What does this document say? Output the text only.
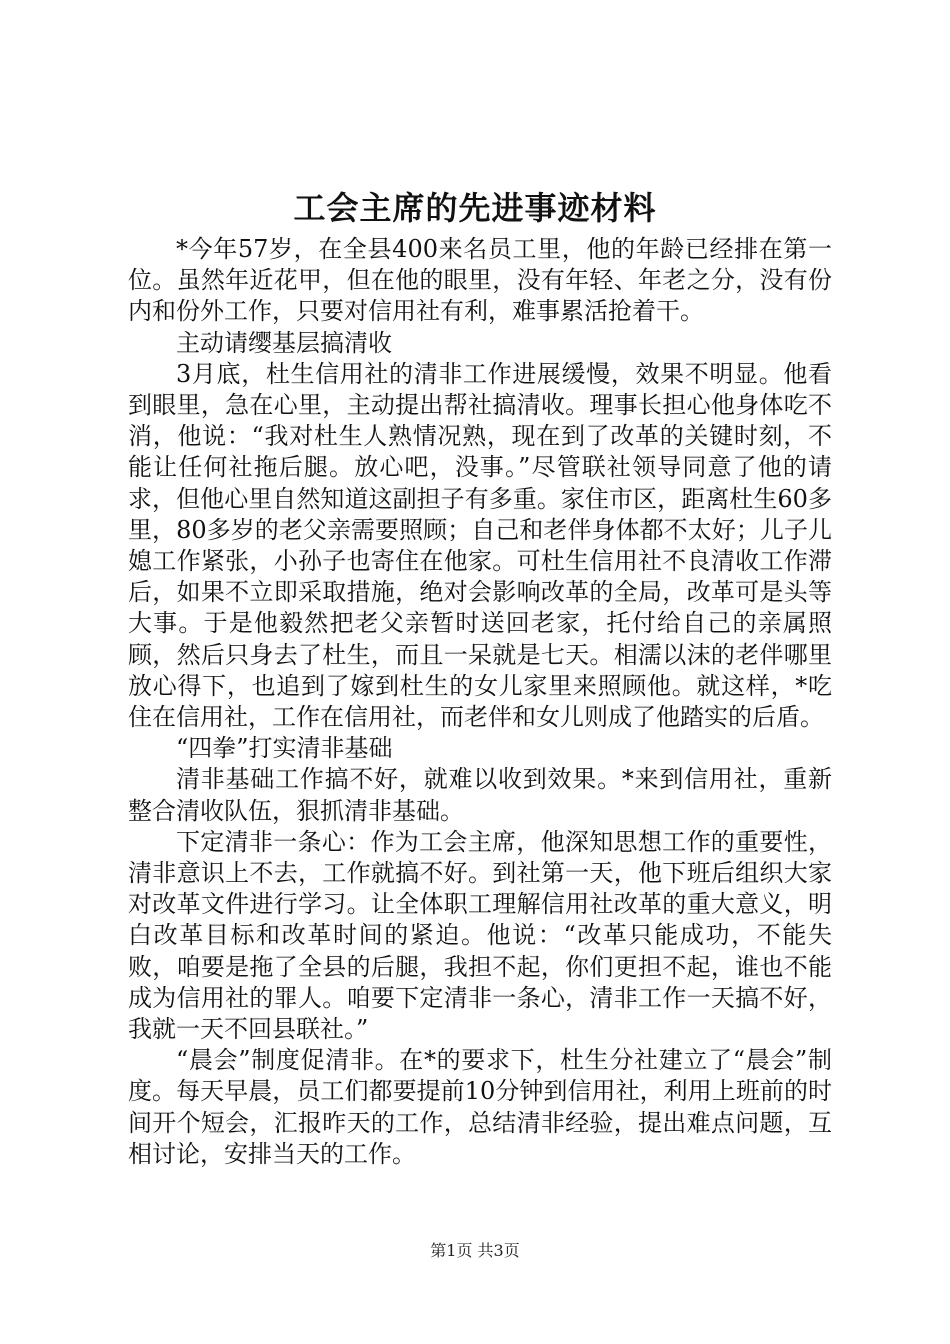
工会主席的先进事迹材料

*今年57岁，在全县400来名员工里，他的年龄已经排在第一位。虽然年近花甲，但在他的眼里，没有年轻、年老之分，没有份内和份外工作，只要对信用社有利，难事累活抢着干。

主动请缨基层搞清收

3月底，杜生信用社的清非工作进展缓慢，效果不明显。他看到眼里，急在心里，主动提出帮社搞清收。理事长担心他身体吃不消，他说：“我对杜生人熟情况熟，现在到了改革的关键时刻，不能让任何社拖后腿。放心吧，没事。”尽管联社领导同意了他的请求，但他心里自然知道这副担子有多重。家住市区，距离杜生60多里，80多岁的老父亲需要照顾；自己和老伴身体都不太好；儿子儿媳工作紧张，小孙子也寄住在他家。可杜生信用社不良清收工作滞后，如果不立即采取措施，绝对会影响改革的全局，改革可是头等大事。于是他毅然把老父亲暂时送回老家，托付给自己的亲属照顾，然后只身去了杜生，而且一呆就是七天。相濡以沫的老伴哪里放心得下，也追到了嫁到杜生的女儿家里来照顾他。就这样，*吃住在信用社，工作在信用社，而老伴和女儿则成了他踏实的后盾。

“四拳”打实清非基础

清非基础工作搞不好，就难以收到效果。*来到信用社，重新整合清收队伍，狠抓清非基础。

下定清非一条心：作为工会主席，他深知思想工作的重要性，清非意识上不去，工作就搞不好。到社第一天，他下班后组织大家对改革文件进行学习。让全体职工理解信用社改革的重大意义，明白改革目标和改革时间的紧迫。他说：“改革只能成功，不能失败，咱要是拖了全县的后腿，我担不起，你们更担不起，谁也不能成为信用社的罪人。咱要下定清非一条心，清非工作一天搞不好，我就一天不回县联社。”

“晨会”制度促清非。在*的要求下，杜生分社建立了“晨会”制度。每天早晨，员工们都要提前10分钟到信用社，利用上班前的时间开个短会，汇报昨天的工作，总结清非经验，提出难点问题，互相讨论，安排当天的工作。

第1页 共3页
